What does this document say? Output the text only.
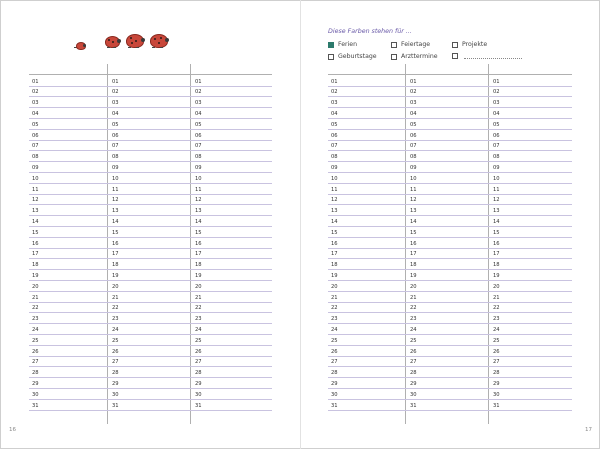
Diese Farben stehen für ...
Ferien	Feiertage	Projekte
Geburtstage	Arzttermine
01	01	01
02	02	02
03	03	03
04	04	04
05	05	05
06	06	06
07	07	07
08	08	08
09	09	09
10	10	10
11	11	11
12	12	12
13	13	13
14	14	14
15	15	15
16	16	16
17	17	17
18	18	18
19	19	19
20	20	20
21	21	21
22	22	22
23	23	23
24	24	24
25	25	25
26	26	26
27	27	27
28	28	28
29	29	29
30	30	30
31	31	31
01	01	01
02	02	02
03	03	03
04	04	04
05	05	05
06	06	06
07	07	07
08	08	08
09	09	09
10	10	10
11	11	11
12	12	12
13	13	13
14	14	14
15	15	15
16	16	16
17	17	17
18	18	18
19	19	19
20	20	20
21	21	21
22	22	22
23	23	23
24	24	24
25	25	25
26	26	26
27	27	27
28	28	28
29	29	29
30	30	30
31	31	31
16	17
